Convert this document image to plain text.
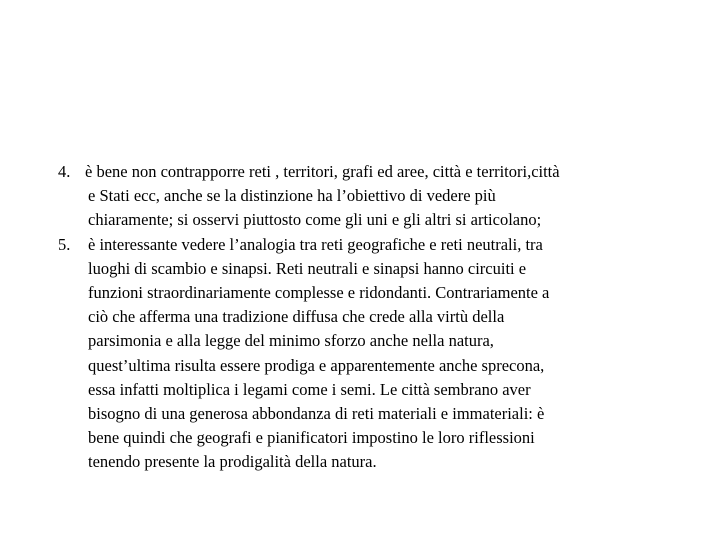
4. è bene non contrapporre reti , territori, grafi ed aree, città e territori,città
e Stati ecc, anche se la distinzione ha l’obiettivo di vedere più
chiaramente; si osservi piuttosto come gli uni e gli altri si articolano;
5. è interessante vedere l’analogia tra reti geografiche e reti neutrali, tra
luoghi di scambio e sinapsi. Reti neutrali e sinapsi hanno circuiti e
funzioni straordinariamente complesse e ridondanti. Contrariamente a
ciò che afferma una tradizione diffusa che crede alla virtù della
parsimonia e alla legge del minimo sforzo anche nella natura,
quest’ultima risulta essere prodiga e apparentemente anche sprecona,
essa infatti moltiplica i legami come i semi. Le città sembrano aver
bisogno di una generosa abbondanza di reti materiali e immateriali: è
bene quindi che geografi e pianificatori impostino le loro riflessioni
tenendo presente la prodigalità della natura.
